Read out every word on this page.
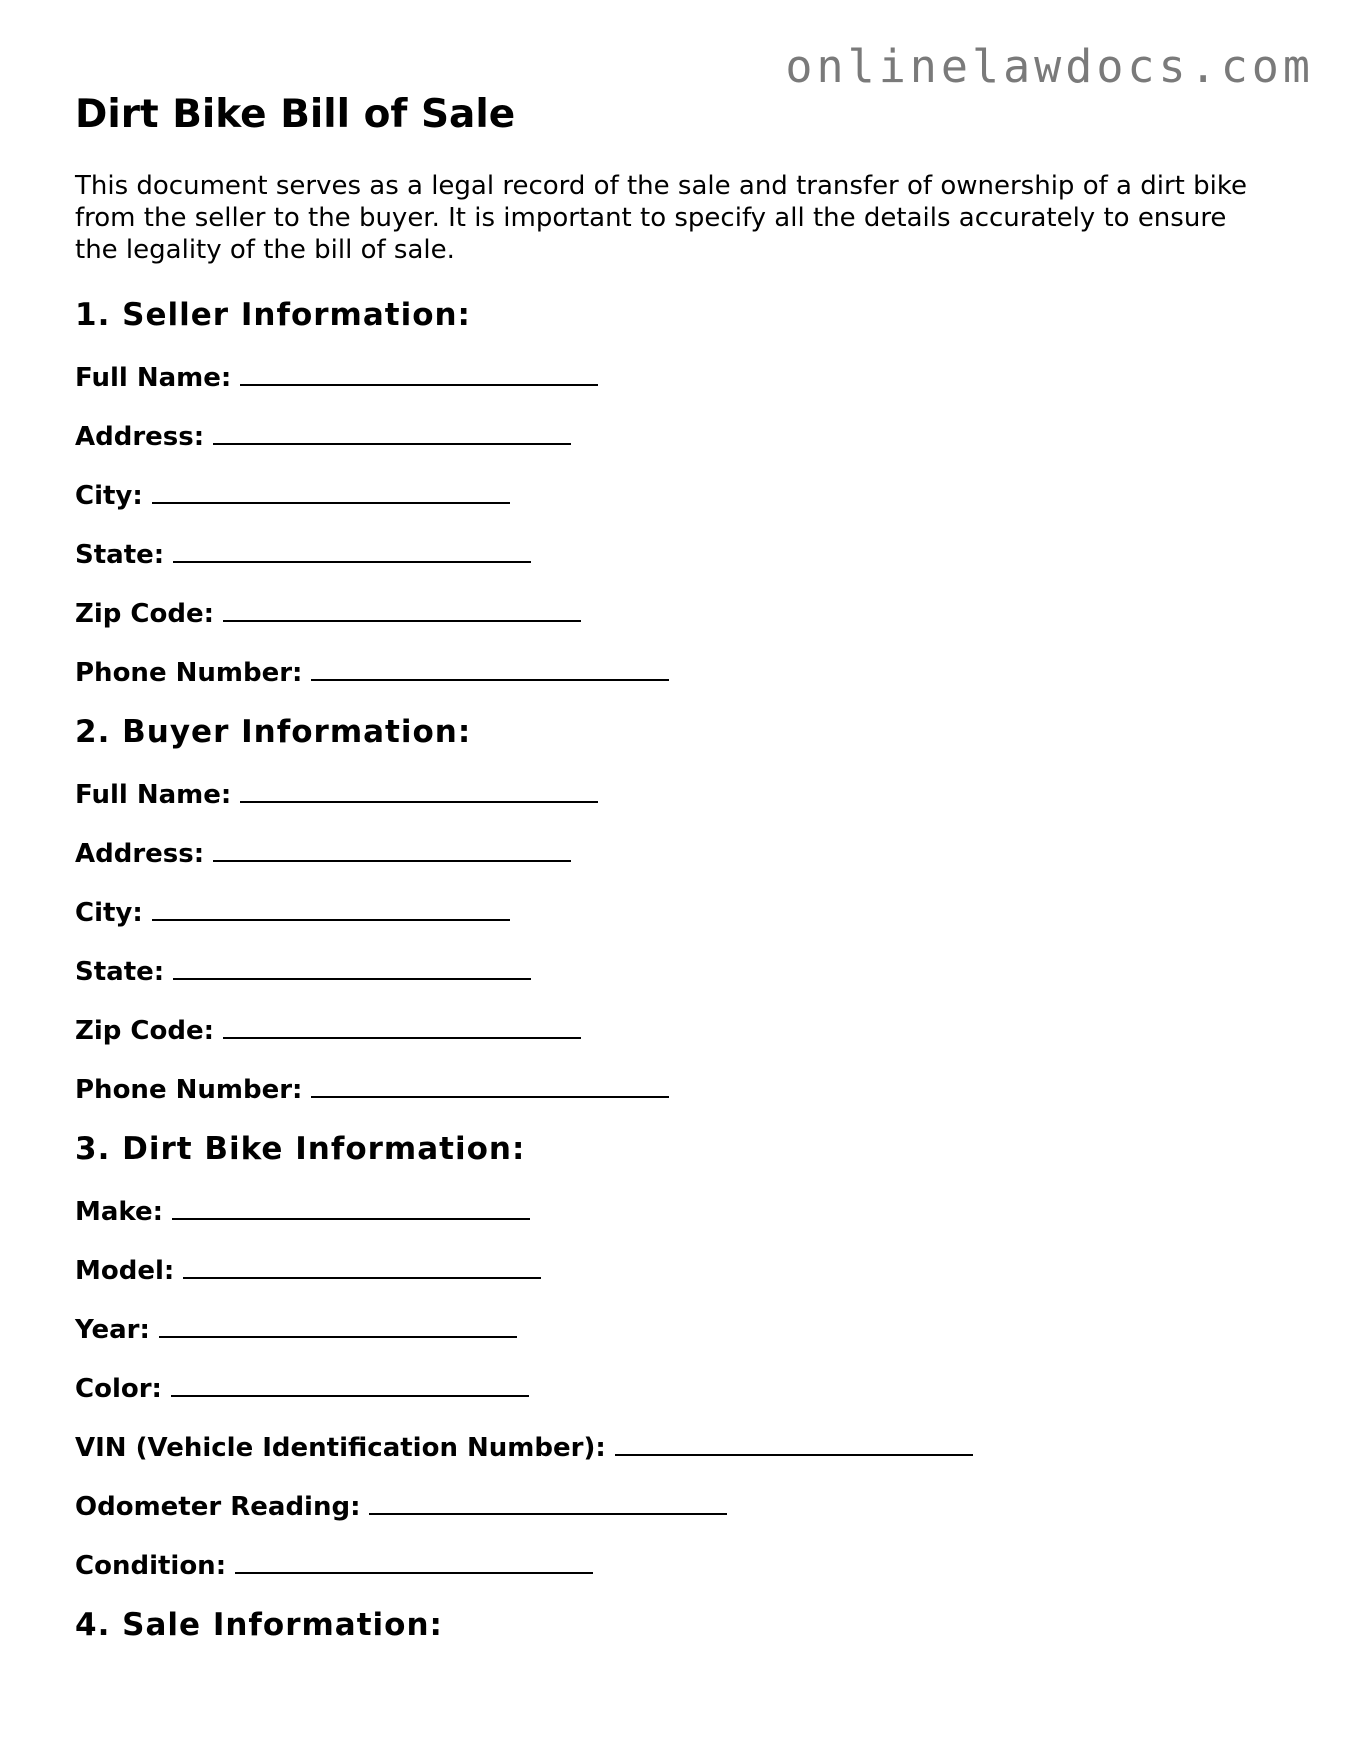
onlinelawdocs.com
Dirt Bike Bill of Sale

This document serves as a legal record of the sale and transfer of ownership of a dirt bike from the seller to the buyer. It is important to specify all the details accurately to ensure the legality of the bill of sale.

1. Seller Information:

Full Name:

Address:

City:

State:

Zip Code:

Phone Number:

2. Buyer Information:

Full Name:

Address:

City:

State:

Zip Code:

Phone Number:

3. Dirt Bike Information:

Make:

Model:

Year:

Color:

VIN (Vehicle Identification Number):

Odometer Reading:

Condition:

4. Sale Information:
